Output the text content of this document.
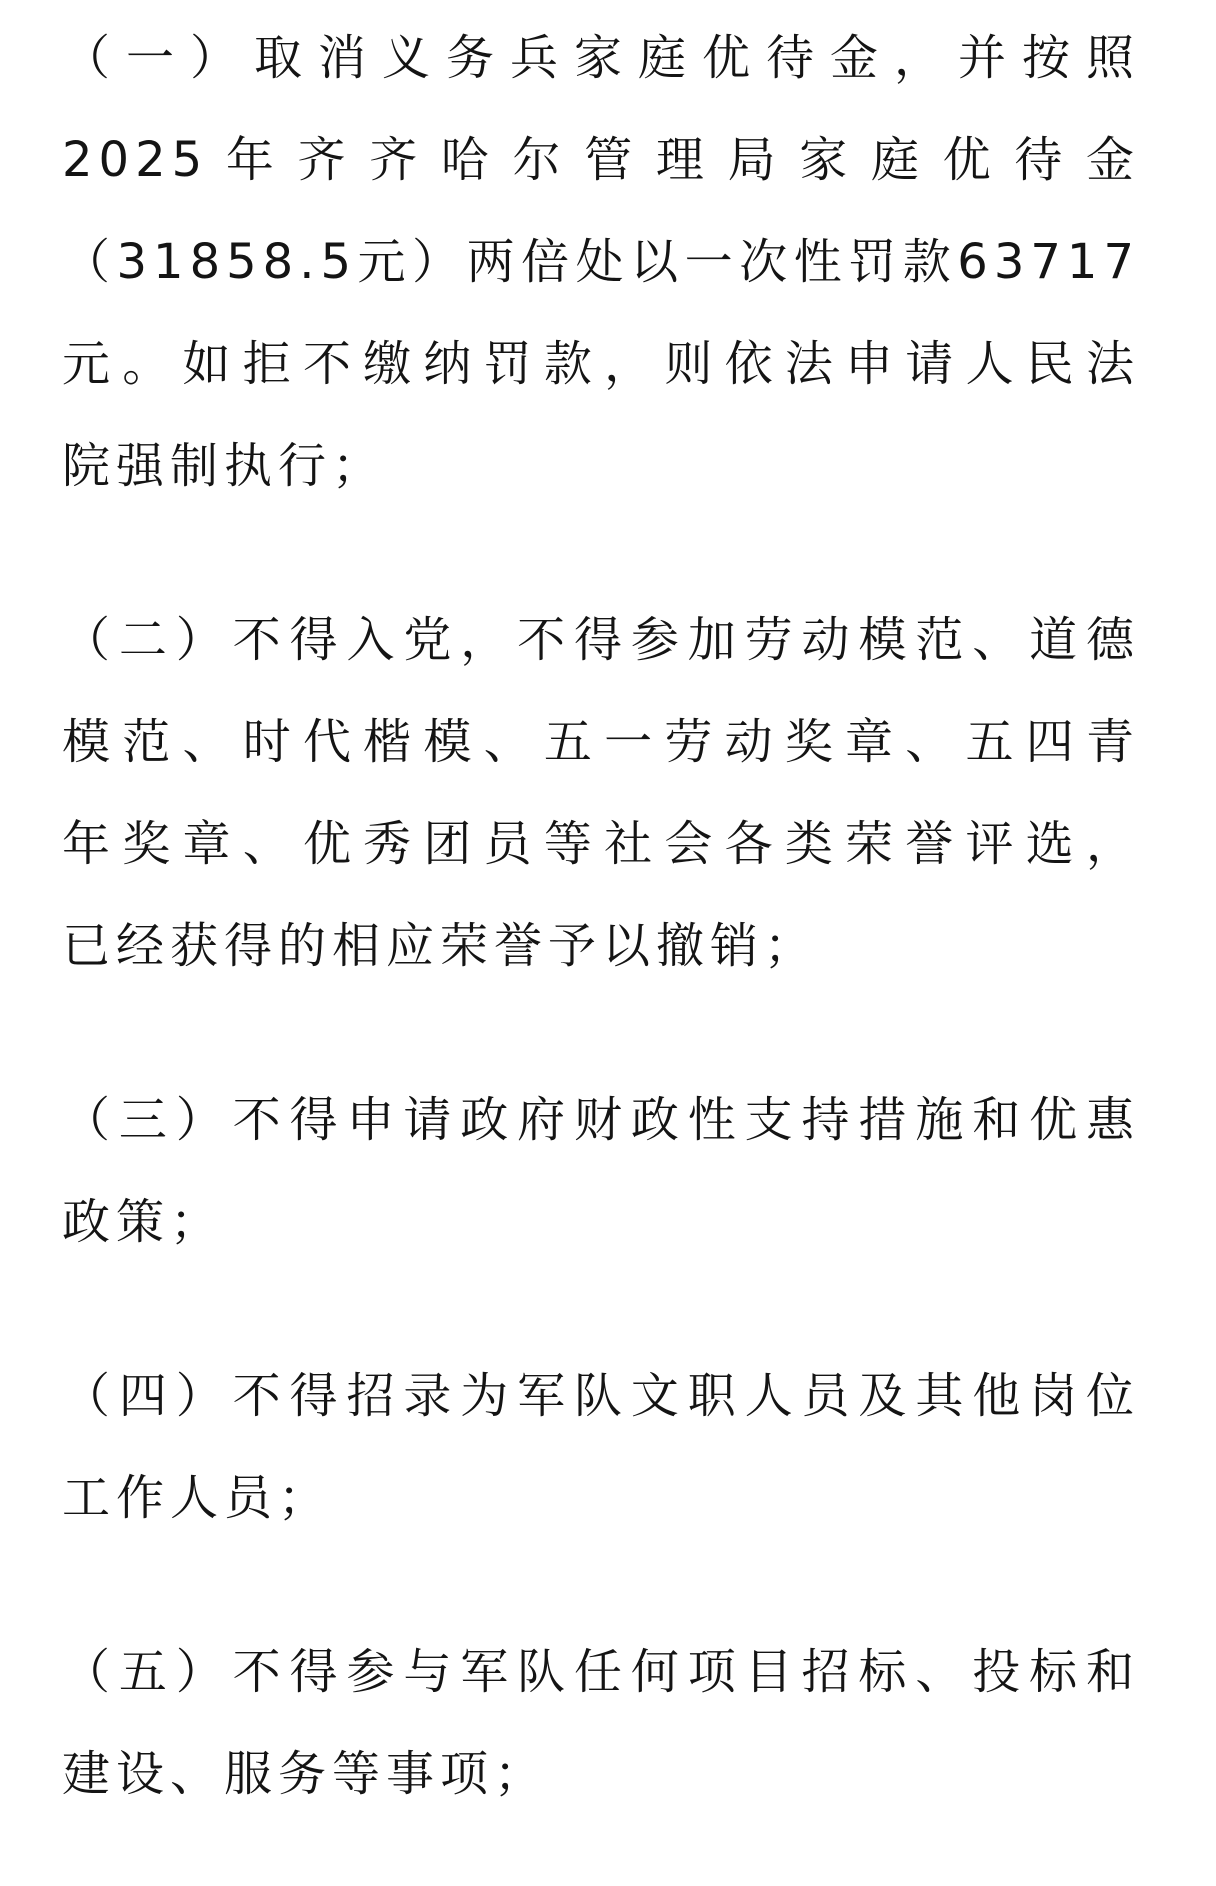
（一）取消义务兵家庭优待金，并按照
2025年齐齐哈尔管理局家庭优待金
（31858.5元）两倍处以一次性罚款63717
元。如拒不缴纳罚款，则依法申请人民法
院强制执行；
（二）不得入党，不得参加劳动模范、道德
模范、时代楷模、五一劳动奖章、五四青
年奖章、优秀团员等社会各类荣誉评选，
已经获得的相应荣誉予以撤销；
（三）不得申请政府财政性支持措施和优惠
政策；
（四）不得招录为军队文职人员及其他岗位
工作人员；
（五）不得参与军队任何项目招标、投标和
建设、服务等事项；
